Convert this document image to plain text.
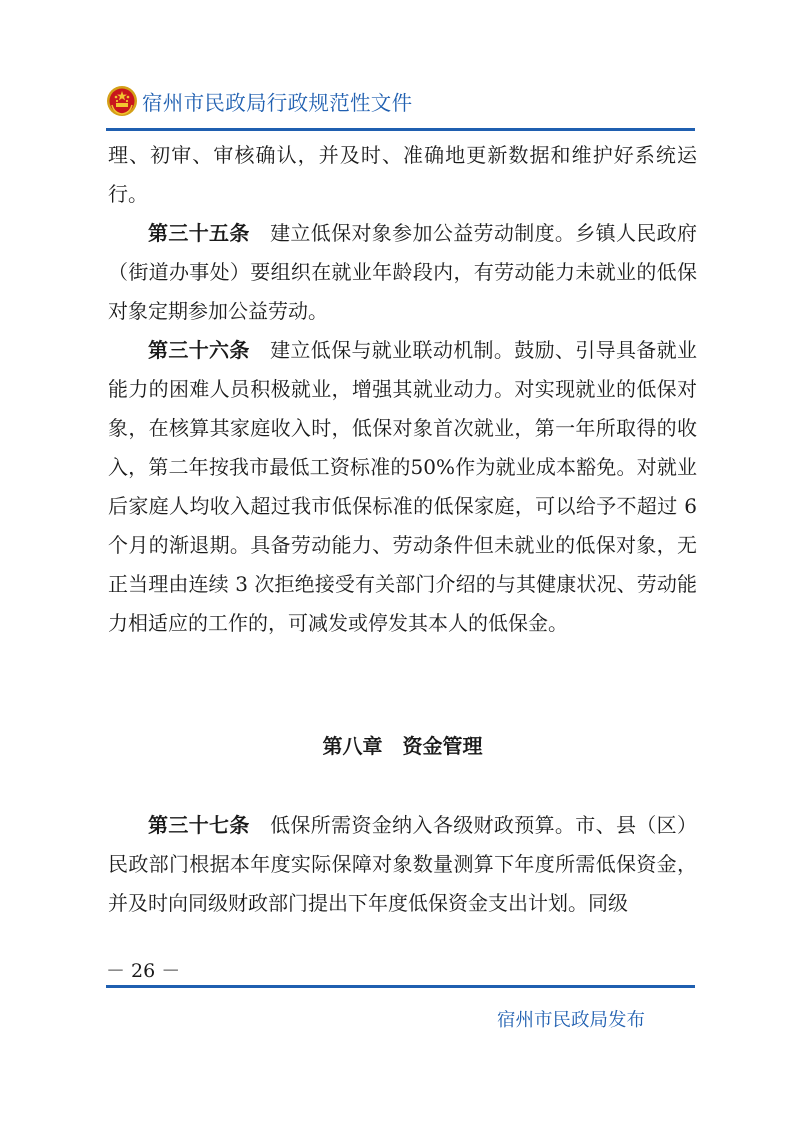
宿州市民政局行政规范性文件

理、初审、审核确认，并及时、准确地更新数据和维护好系统运行。

第三十五条 建立低保对象参加公益劳动制度。乡镇人民政府（街道办事处）要组织在就业年龄段内，有劳动能力未就业的低保对象定期参加公益劳动。

第三十六条 建立低保与就业联动机制。鼓励、引导具备就业能力的困难人员积极就业，增强其就业动力。对实现就业的低保对象，在核算其家庭收入时，低保对象首次就业，第一年所取得的收入，第二年按我市最低工资标准的50%作为就业成本豁免。对就业后家庭人均收入超过我市低保标准的低保家庭，可以给予不超过 6个月的渐退期。具备劳动能力、劳动条件但未就业的低保对象，无正当理由连续 3 次拒绝接受有关部门介绍的与其健康状况、劳动能力相适应的工作的，可减发或停发其本人的低保金。

第八章　资金管理

第三十七条 低保所需资金纳入各级财政预算。市、县（区）民政部门根据本年度实际保障对象数量测算下年度所需低保资金，并及时向同级财政部门提出下年度低保资金支出计划。同级

－ 26 －
宿州市民政局发布
